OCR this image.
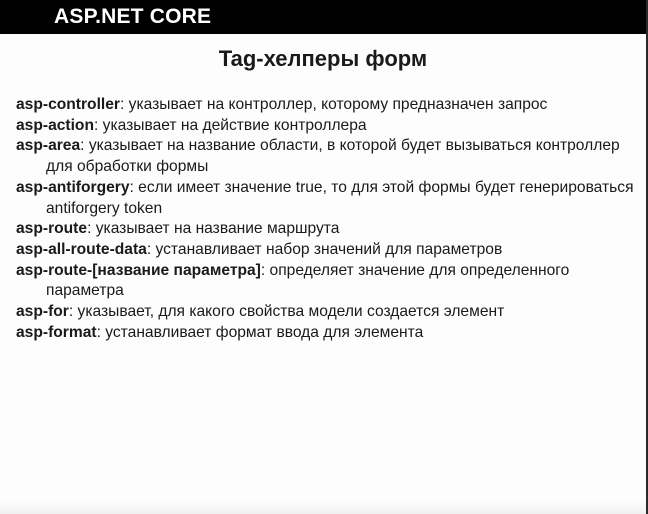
ASP.NET CORE
Tag-хелперы форм

asp-controller: указывает на контроллер, которому предназначен запрос

asp-action: указывает на действие контроллера

asp-area: указывает на название области, в которой будет вызываться контроллер для обработки формы

asp-antiforgery: если имеет значение true, то для этой формы будет генерироваться antiforgery token

asp-route: указывает на название маршрута

asp-all-route-data: устанавливает набор значений для параметров

asp-route-[название параметра]: определяет значение для определенного параметра

asp-for: указывает, для какого свойства модели создается элемент

asp-format: устанавливает формат ввода для элемента
